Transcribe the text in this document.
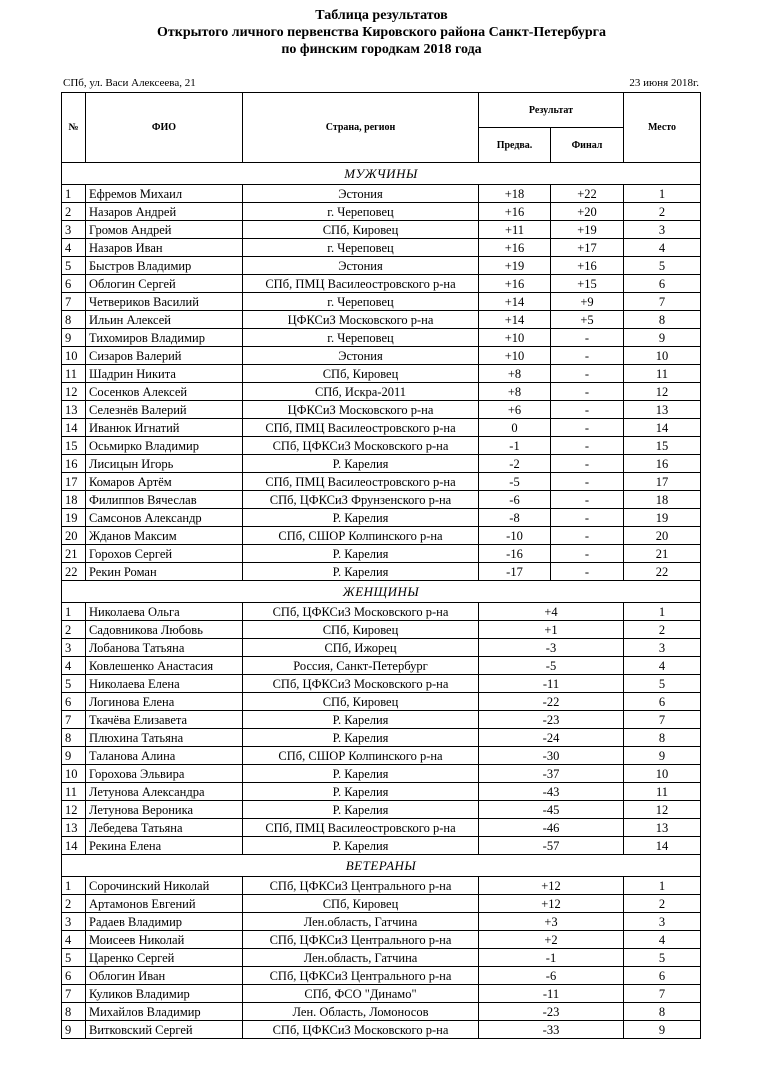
Таблица результатов
Открытого личного первенства Кировского района Санкт-Петербурга
по финским городкам 2018 года
СПб, ул. Васи Алексеева, 21	23 июня 2018г.
№	ФИО	Страна, регион	Результат		Место
			Предва.	Финал	
МУЖЧИНЫ					
1	Ефремов Михаил	Эстония	+18	+22	1
2	Назаров Андрей	г. Череповец	+16	+20	2
3	Громов Андрей	СПб, Кировец	+11	+19	3
4	Назаров Иван	г. Череповец	+16	+17	4
5	Быстров Владимир	Эстония	+19	+16	5
6	Облогин Сергей	СПб, ПМЦ Василеостровского р-на	+16	+15	6
7	Четвериков Василий	г. Череповец	+14	+9	7
8	Ильин Алексей	ЦФКСиЗ Московского р-на	+14	+5	8
9	Тихомиров Владимир	г. Череповец	+10	-	9
10	Сизаров Валерий	Эстония	+10	-	10
11	Шадрин Никита	СПб, Кировец	+8	-	11
12	Сосенков Алексей	СПб, Искра-2011	+8	-	12
13	Селезнёв Валерий	ЦФКСиЗ Московского р-на	+6	-	13
14	Иванюк Игнатий	СПб, ПМЦ Василеостровского р-на	0	-	14
15	Осьмирко Владимир	СПб, ЦФКСиЗ Московского р-на	-1	-	15
16	Лисицын Игорь	Р. Карелия	-2	-	16
17	Комаров Артём	СПб, ПМЦ Василеостровского р-на	-5	-	17
18	Филиппов Вячеслав	СПб, ЦФКСиЗ Фрунзенского р-на	-6	-	18
19	Самсонов Александр	Р. Карелия	-8	-	19
20	Жданов Максим	СПб, СШОР Колпинского р-на	-10	-	20
21	Горохов Сергей	Р. Карелия	-16	-	21
22	Рекин Роман	Р. Карелия	-17	-	22
ЖЕНЩИНЫ					
1	Николаева Ольга	СПб, ЦФКСиЗ Московского р-на	+4		1
2	Садовникова Любовь	СПб, Кировец	+1		2
3	Лобанова Татьяна	СПб, Ижорец	-3		3
4	Ковлешенко Анастасия	Россия, Санкт-Петербург	-5		4
5	Николаева Елена	СПб, ЦФКСиЗ Московского р-на	-11		5
6	Логинова Елена	СПб, Кировец	-22		6
7	Ткачёва Елизавета	Р. Карелия	-23		7
8	Плюхина Татьяна	Р. Карелия	-24		8
9	Таланова Алина	СПб, СШОР Колпинского р-на	-30		9
10	Горохова Эльвира	Р. Карелия	-37		10
11	Летунова Александра	Р. Карелия	-43		11
12	Летунова Вероника	Р. Карелия	-45		12
13	Лебедева Татьяна	СПб, ПМЦ Василеостровского р-на	-46		13
14	Рекина Елена	Р. Карелия	-57		14
ВЕТЕРАНЫ					
1	Сорочинский Николай	СПб, ЦФКСиЗ Центрального р-на	+12		1
2	Артамонов Евгений	СПб, Кировец	+12		2
3	Радаев Владимир	Лен.область, Гатчина	+3		3
4	Моисеев Николай	СПб, ЦФКСиЗ Центрального р-на	+2		4
5	Царенко Сергей	Лен.область, Гатчина	-1		5
6	Облогин Иван	СПб, ЦФКСиЗ Центрального р-на	-6		6
7	Куликов Владимир	СПб, ФСО "Динамо"	-11		7
8	Михайлов Владимир	Лен. Область, Ломоносов	-23		8
9	Витковский Сергей	СПб, ЦФКСиЗ Московского р-на	-33		9
